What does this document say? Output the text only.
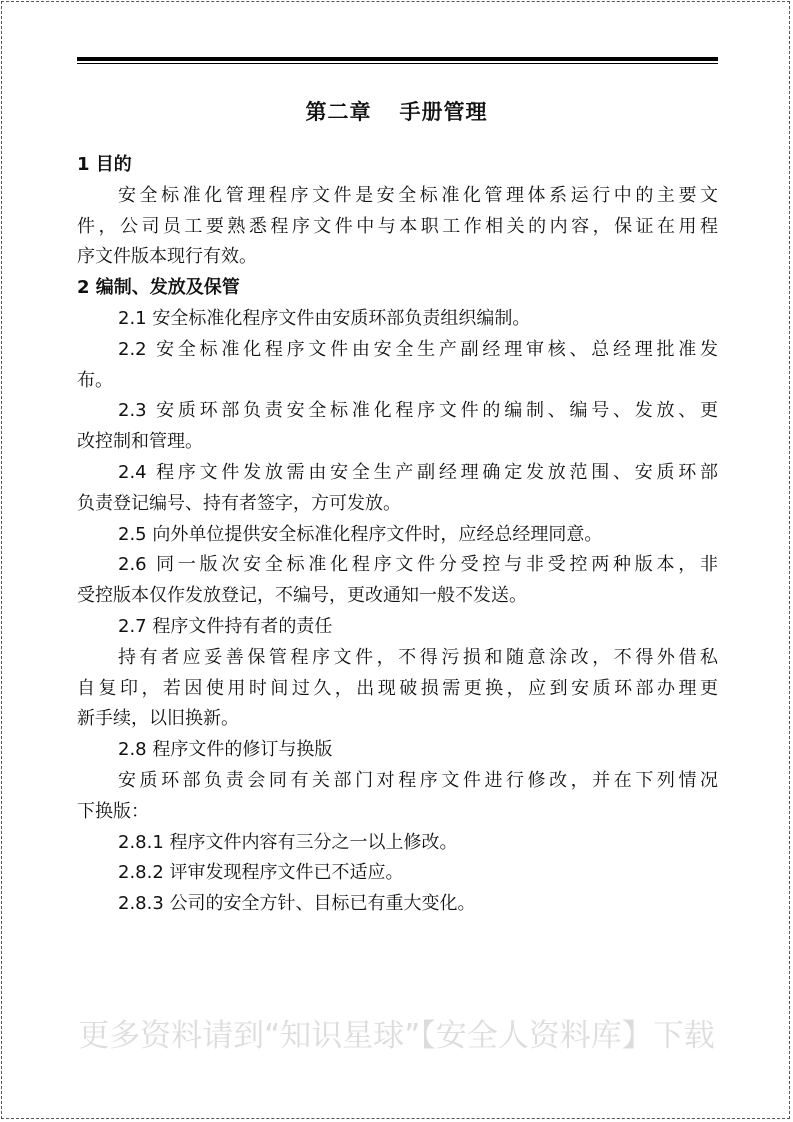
第二章 手册管理
1 目的
安全标准化管理程序文件是安全标准化管理体系运行中的主要文
件，公司员工要熟悉程序文件中与本职工作相关的内容，保证在用程
序文件版本现行有效。
2 编制、发放及保管
2.1 安全标准化程序文件由安质环部负责组织编制。
2.2 安全标准化程序文件由安全生产副经理审核、总经理批准发
布。
2.3 安质环部负责安全标准化程序文件的编制、编号、发放、更
改控制和管理。
2.4 程序文件发放需由安全生产副经理确定发放范围、安质环部
负责登记编号、持有者签字，方可发放。
2.5 向外单位提供安全标准化程序文件时，应经总经理同意。
2.6 同一版次安全标准化程序文件分受控与非受控两种版本，非
受控版本仅作发放登记，不编号，更改通知一般不发送。
2.7 程序文件持有者的责任
持有者应妥善保管程序文件，不得污损和随意涂改，不得外借私
自复印，若因使用时间过久，出现破损需更换，应到安质环部办理更
新手续，以旧换新。
2.8 程序文件的修订与换版
安质环部负责会同有关部门对程序文件进行修改，并在下列情况
下换版：
2.8.1 程序文件内容有三分之一以上修改。
2.8.2 评审发现程序文件已不适应。
2.8.3 公司的安全方针、目标已有重大变化。
更多资料请到“知识星球”【安全人资料库】下载
